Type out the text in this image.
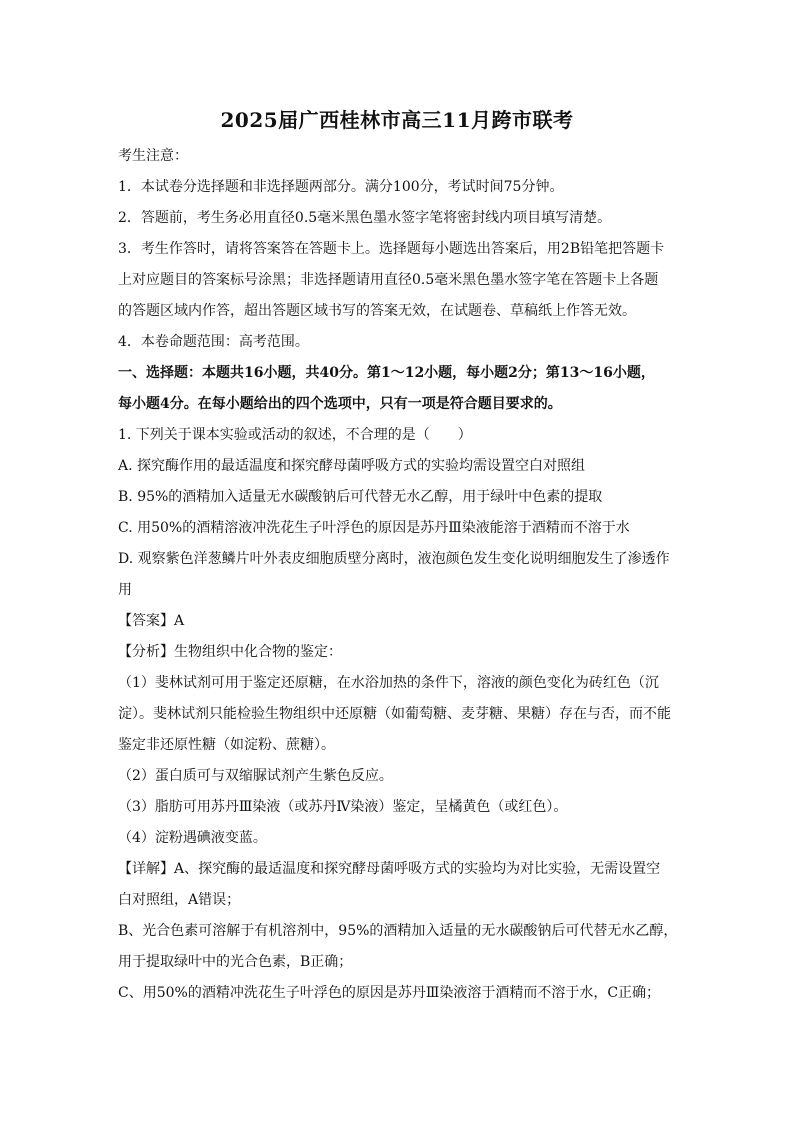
2025届广西桂林市高三11月跨市联考

考生注意：

1．本试卷分选择题和非选择题两部分。满分100分，考试时间75分钟。

2．答题前，考生务必用直径0.5毫米黑色墨水签字笔将密封线内项目填写清楚。

3．考生作答时，请将答案答在答题卡上。选择题每小题选出答案后，用2B铅笔把答题卡

上对应题目的答案标号涂黑；非选择题请用直径0.5毫米黑色墨水签字笔在答题卡上各题

的答题区域内作答，超出答题区域书写的答案无效，在试题卷、草稿纸上作答无效。

4．本卷命题范围：高考范围。

一、选择题：本题共16小题，共40分。第1～12小题，每小题2分；第13～16小题，

每小题4分。在每小题给出的四个选项中，只有一项是符合题目要求的。

1. 下列关于课本实验或活动的叙述，不合理的是（　　）

A. 探究酶作用的最适温度和探究酵母菌呼吸方式的实验均需设置空白对照组

B. 95%的酒精加入适量无水碳酸钠后可代替无水乙醇，用于绿叶中色素的提取

C. 用50%的酒精溶液冲洗花生子叶浮色的原因是苏丹Ⅲ染液能溶于酒精而不溶于水

D. 观察紫色洋葱鳞片叶外表皮细胞质壁分离时，液泡颜色发生变化说明细胞发生了渗透作

用

【答案】A

【分析】生物组织中化合物的鉴定：

（1）斐林试剂可用于鉴定还原糖，在水浴加热的条件下，溶液的颜色变化为砖红色（沉

淀）。斐林试剂只能检验生物组织中还原糖（如葡萄糖、麦芽糖、果糖）存在与否，而不能

鉴定非还原性糖（如淀粉、蔗糖）。

（2）蛋白质可与双缩脲试剂产生紫色反应。

（3）脂肪可用苏丹Ⅲ染液（或苏丹Ⅳ染液）鉴定，呈橘黄色（或红色）。

（4）淀粉遇碘液变蓝。

【详解】A、探究酶的最适温度和探究酵母菌呼吸方式的实验均为对比实验，无需设置空

白对照组，A错误；

B、光合色素可溶解于有机溶剂中，95%的酒精加入适量的无水碳酸钠后可代替无水乙醇，

用于提取绿叶中的光合色素，B正确；

C、用50%的酒精冲洗花生子叶浮色的原因是苏丹Ⅲ染液溶于酒精而不溶于水，C正确；
